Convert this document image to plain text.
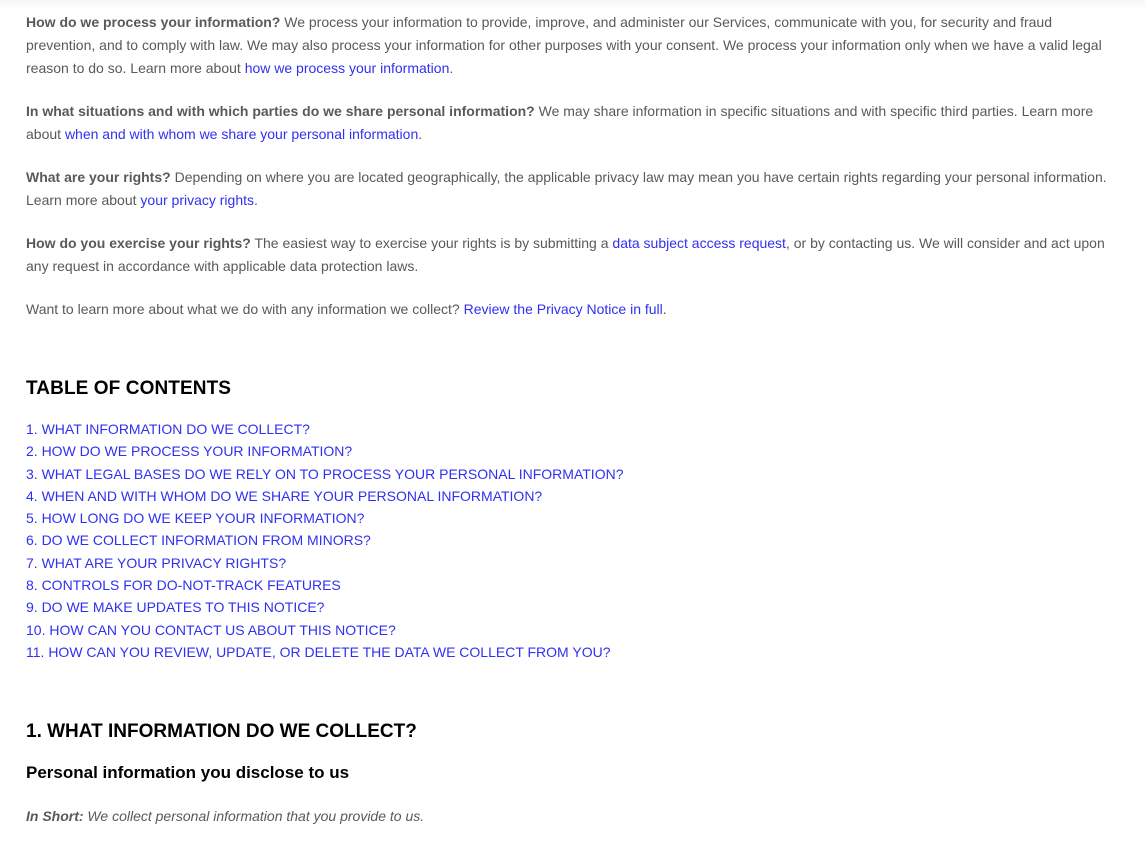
How do we process your information? We process your information to provide, improve, and administer our Services, communicate with you, for security and fraud prevention, and to comply with law. We may also process your information for other purposes with your consent. We process your information only when we have a valid legal reason to do so. Learn more about how we process your information.

In what situations and with which parties do we share personal information? We may share information in specific situations and with specific third parties. Learn more about when and with whom we share your personal information.

What are your rights? Depending on where you are located geographically, the applicable privacy law may mean you have certain rights regarding your personal information. Learn more about your privacy rights.

How do you exercise your rights? The easiest way to exercise your rights is by submitting a data subject access request, or by contacting us. We will consider and act upon any request in accordance with applicable data protection laws.

Want to learn more about what we do with any information we collect? Review the Privacy Notice in full.

TABLE OF CONTENTS
1. WHAT INFORMATION DO WE COLLECT?
2. HOW DO WE PROCESS YOUR INFORMATION?
3. WHAT LEGAL BASES DO WE RELY ON TO PROCESS YOUR PERSONAL INFORMATION?
4. WHEN AND WITH WHOM DO WE SHARE YOUR PERSONAL INFORMATION?
5. HOW LONG DO WE KEEP YOUR INFORMATION?
6. DO WE COLLECT INFORMATION FROM MINORS?
7. WHAT ARE YOUR PRIVACY RIGHTS?
8. CONTROLS FOR DO-NOT-TRACK FEATURES
9. DO WE MAKE UPDATES TO THIS NOTICE?
10. HOW CAN YOU CONTACT US ABOUT THIS NOTICE?
11. HOW CAN YOU REVIEW, UPDATE, OR DELETE THE DATA WE COLLECT FROM YOU?
1. WHAT INFORMATION DO WE COLLECT?
Personal information you disclose to us

In Short: We collect personal information that you provide to us.
